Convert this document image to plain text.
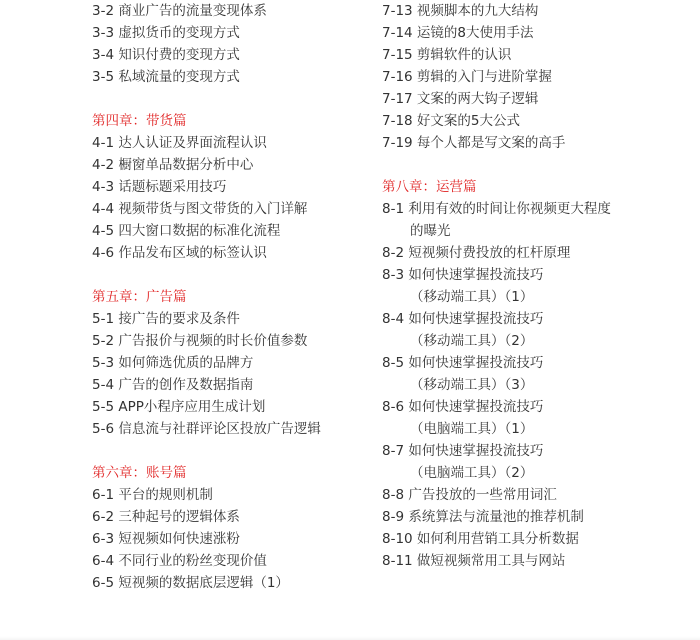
3-2 商业广告的流量变现体系
3-3 虚拟货币的变现方式
3-4 知识付费的变现方式
3-5 私域流量的变现方式
第四章：带货篇
4-1 达人认证及界面流程认识
4-2 橱窗单品数据分析中心
4-3 话题标题采用技巧
4-4 视频带货与图文带货的入门详解
4-5 四大窗口数据的标准化流程
4-6 作品发布区域的标签认识
第五章：广告篇
5-1 接广告的要求及条件
5-2 广告报价与视频的时长价值参数
5-3 如何筛选优质的品牌方
5-4 广告的创作及数据指南
5-5 APP小程序应用生成计划
5-6 信息流与社群评论区投放广告逻辑
第六章：账号篇
6-1 平台的规则机制
6-2 三种起号的逻辑体系
6-3 短视频如何快速涨粉
6-4 不同行业的粉丝变现价值
6-5 短视频的数据底层逻辑（1）
7-13 视频脚本的九大结构
7-14 运镜的8大使用手法
7-15 剪辑软件的认识
7-16 剪辑的入门与进阶掌握
7-17 文案的两大钩子逻辑
7-18 好文案的5大公式
7-19 每个人都是写文案的高手
第八章：运营篇
8-1 利用有效的时间让你视频更大程度
的曝光
8-2 短视频付费投放的杠杆原理
8-3 如何快速掌握投流技巧
（移动端工具）（1）
8-4 如何快速掌握投流技巧
（移动端工具）（2）
8-5 如何快速掌握投流技巧
（移动端工具）（3）
8-6 如何快速掌握投流技巧
（电脑端工具）（1）
8-7 如何快速掌握投流技巧
（电脑端工具）（2）
8-8 广告投放的一些常用词汇
8-9 系统算法与流量池的推荐机制
8-10 如何利用营销工具分析数据
8-11 做短视频常用工具与网站
